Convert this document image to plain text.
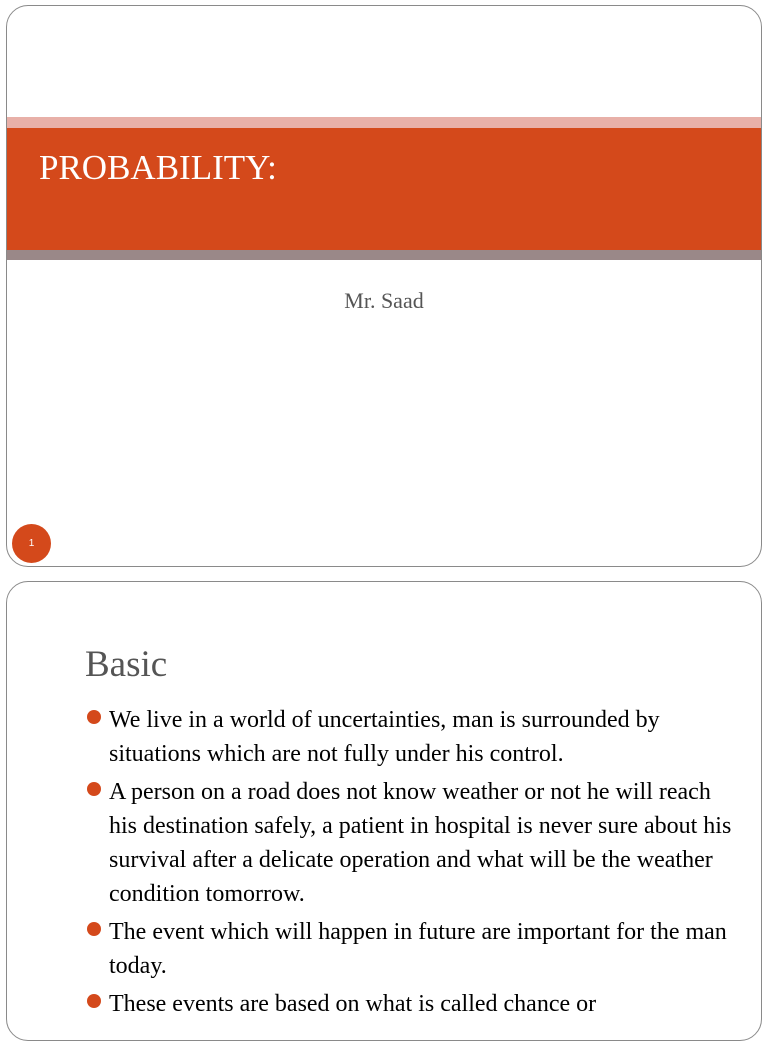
PROBABILITY:
Mr. Saad
1
Basic
We live in a world of uncertainties, man is surrounded by situations which are not fully under his control.
A person on a road does not know weather or not he will reach his destination safely, a patient in hospital is never sure about his survival after a delicate operation and what will be the weather condition tomorrow.
The event which will happen in future are important for the man today.
These events are based on what is called chance or
